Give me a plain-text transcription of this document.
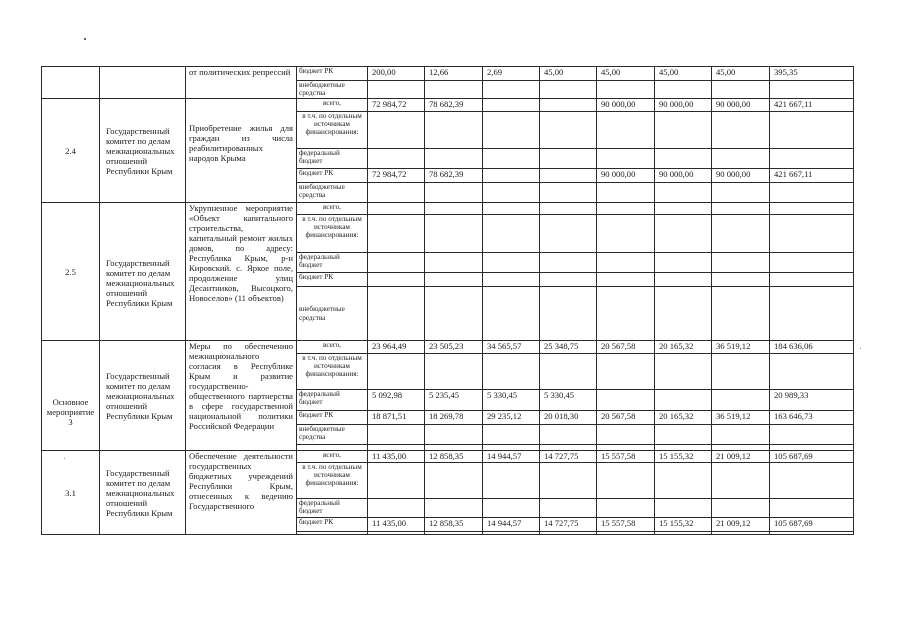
		от политических репрессий	бюджет РК	200,00	12,66	2,69	45,00	45,00	45,00	45,00	395,35
			внебюджетные средства								
2.4	Государственный комитет по делам межнациональных отношений Республики Крым	Приобретение жилья для граждан из числа реабилитированных народов Крыма	всего,	72 984,72	78 682,39			90 000,00	90 000,00	90 000,00	421 667,11
			в т.ч. по отдельным источникам финансирования:								
			федеральный бюджет								
			бюджет РК	72 984,72	78 682,39			90 000,00	90 000,00	90 000,00	421 667,11
			внебюджетные средства								
2.5	Государственный комитет по делам межнациональных отношений Республики Крым	Укрупненное мероприятие «Объект капитального строительства, капитальный ремонт жилых домов, по адресу: Республика Крым, р-н Кировский. с. Яркое поле, продолжение улиц Десантников, Высоцкого, Новоселов» (11 объектов)	всего,								
			в т.ч. по отдельным источникам финансирования:								
			федеральный бюджет								
			бюджет РК								
			внебюджетные средства								

Основное мероприятие 3	Государственный комитет по делам межнациональных отношений Республики Крым	Меры по обеспечению межнационального согласия в Республике Крым и развитие государственно-общественного партнерства в сфере государственной национальной политики Российской Федерации	всего,	23 964,49	23 505,23	34 565,57	25 348,75	20 567,58	20 165,32	36 519,12	184 636,06
			в т.ч. по отдельным источникам финансирования:								
			федеральный бюджет	5 092,98	5 235,45	5 330,45	5 330,45				20 989,33
			бюджет РК	18 871,51	18 269,78	29 235,12	20 018,30	20 567,58	20 165,32	36 519,12	163 646,73
			внебюджетные средства								

3.1	Государственный комитет по делам межнациональных отношений Республики Крым	Обеспечение деятельности государственных бюджетных учреждений Республики Крым, отнесенных к ведению Государственного	всего,	11 435,00	12 858,35	14 944,57	14 727,75	15 557,58	15 155,32	21 009,12	105 687,69
			в т.ч. по отдельным источникам финансирования:								
			федеральный бюджет								
			бюджет РК	11 435,00	12 858,35	14 944,57	14 727,75	15 557,58	15 155,32	21 009,12	105 687,69
